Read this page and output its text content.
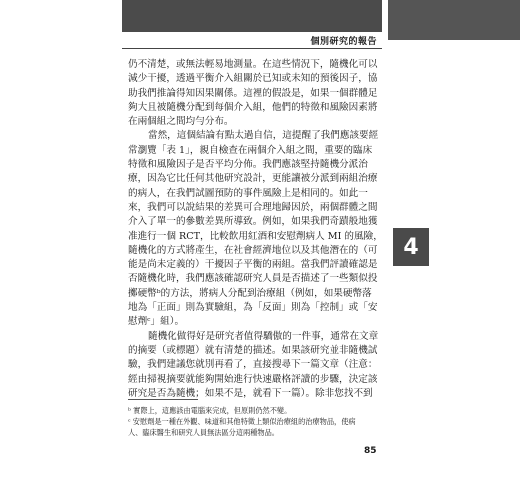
個別研究的報告
4
仍不清楚，或無法輕易地測量。在這些情況下，隨機化可以
減少干擾，透過平衡介入組關於已知或未知的預後因子，協
助我們推論得知因果關係。這裡的假設是，如果一個群體足
夠大且被隨機分配到每個介入組，他們的特徵和風險因素將
在兩個組之間均勻分布。
當然，這個結論有點太過自信，這提醒了我們應該要經
常瀏覽「表 1」，親自檢查在兩個介入組之間，重要的臨床
特徵和風險因子是否平均分佈。我們應該堅持隨機分派治
療，因為它比任何其他研究設計，更能讓被分派到兩組治療
的病人，在我們試圖預防的事件風險上是相同的。如此一
來，我們可以說結果的差異可合理地歸因於，兩個群體之間
介入了單一的參數差異所導致。例如，如果我們奇蹟般地獲
准進行一個 RCT，比較飲用紅酒和安慰劑病人 MI 的風險，
隨機化的方式將產生，在社會經濟地位以及其他潛在的（可
能是尚未定義的）干擾因子平衡的兩組。當我們評讀確認是
否隨機化時，我們應該確認研究人員是否描述了一些類似投
擲硬幣ᵇ的方法，將病人分配到治療組（例如，如果硬幣落
地為「正面」則為實驗組，為「反面」則為「控制」或「安
慰劑ᶜ」組）。
隨機化做得好是研究者值得驕傲的一件事，通常在文章
的摘要（或標題）就有清楚的描述。如果該研究並非隨機試
驗，我們建議您就別再看了，直接搜尋下一篇文章（注意：
經由掃視摘要就能夠開始進行快速嚴格評讀的步驟，決定該
研究是否為隨機；如果不是，就看下一篇）。除非您找不到
ᵇ 實際上，這應該由電腦來完成，但原則仍然不變。
ᶜ 安慰劑是一種在外觀、味道和其他特徵上類似治療組的治療物品，使病
人、臨床醫生和研究人員無法區分這兩種物品。
85
